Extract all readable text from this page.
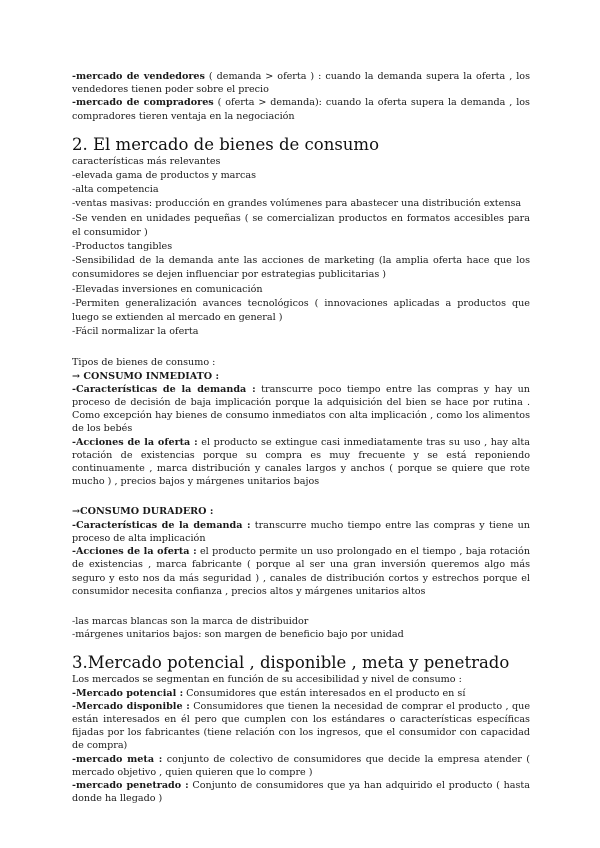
-mercado de vendedores ( demanda > oferta ) : cuando la demanda supera la oferta , los vendedores tienen poder sobre el precio

-mercado de compradores ( oferta > demanda): cuando la oferta supera la demanda , los compradores tieren ventaja en la negociación

2. El mercado de bienes de consumo

características más relevantes

-elevada gama de productos y marcas

-alta competencia

-ventas masivas: producción en grandes volúmenes para abastecer una distribución extensa

-Se venden en unidades pequeñas ( se comercializan productos en formatos accesibles para el consumidor )

-Productos tangibles

-Sensibilidad de la demanda ante las acciones de marketing (la amplia oferta hace que los consumidores se dejen influenciar por estrategias publicitarias )

-Elevadas inversiones en comunicación

-Permiten generalización avances tecnológicos ( innovaciones aplicadas a productos que luego se extienden al mercado en general )

-Fácil normalizar la oferta

Tipos de bienes de consumo :

→ CONSUMO INMEDIATO :

-Características de la demanda : transcurre poco tiempo entre las compras y hay un proceso de decisión de baja implicación porque la adquisición del bien se hace por rutina . Como excepción hay bienes de consumo inmediatos con alta implicación , como los alimentos de los bebés

-Acciones de la oferta : el producto se extingue casi inmediatamente tras su uso , hay alta rotación de existencias porque su compra es muy frecuente y se está reponiendo continuamente , marca distribución y canales largos y anchos ( porque se quiere que rote mucho ) , precios bajos y márgenes unitarios bajos

→CONSUMO DURADERO :

-Características de la demanda : transcurre mucho tiempo entre las compras y tiene un proceso de alta implicación

-Acciones de la oferta : el producto permite un uso prolongado en el tiempo , baja rotación de existencias , marca fabricante ( porque al ser una gran inversión queremos algo más seguro y esto nos da más seguridad ) , canales de distribución cortos y estrechos porque el consumidor necesita confianza , precios altos y márgenes unitarios altos

-las marcas blancas son la marca de distribuidor

-márgenes unitarios bajos: son margen de beneficio bajo por unidad

3.Mercado potencial , disponible , meta y penetrado

Los mercados se segmentan en función de su accesibilidad y nivel de consumo :

-Mercado potencial : Consumidores que están interesados en el producto en sí

-Mercado disponible : Consumidores que tienen la necesidad de comprar el producto , que están interesados en él pero que cumplen con los estándares o características específicas fijadas por los fabricantes (tiene relación con los ingresos, que el consumidor con capacidad de compra)

-mercado meta : conjunto de colectivo de consumidores que decide la empresa atender ( mercado objetivo , quien quieren que lo compre )

-mercado penetrado : Conjunto de consumidores que ya han adquirido el producto ( hasta donde ha llegado )
